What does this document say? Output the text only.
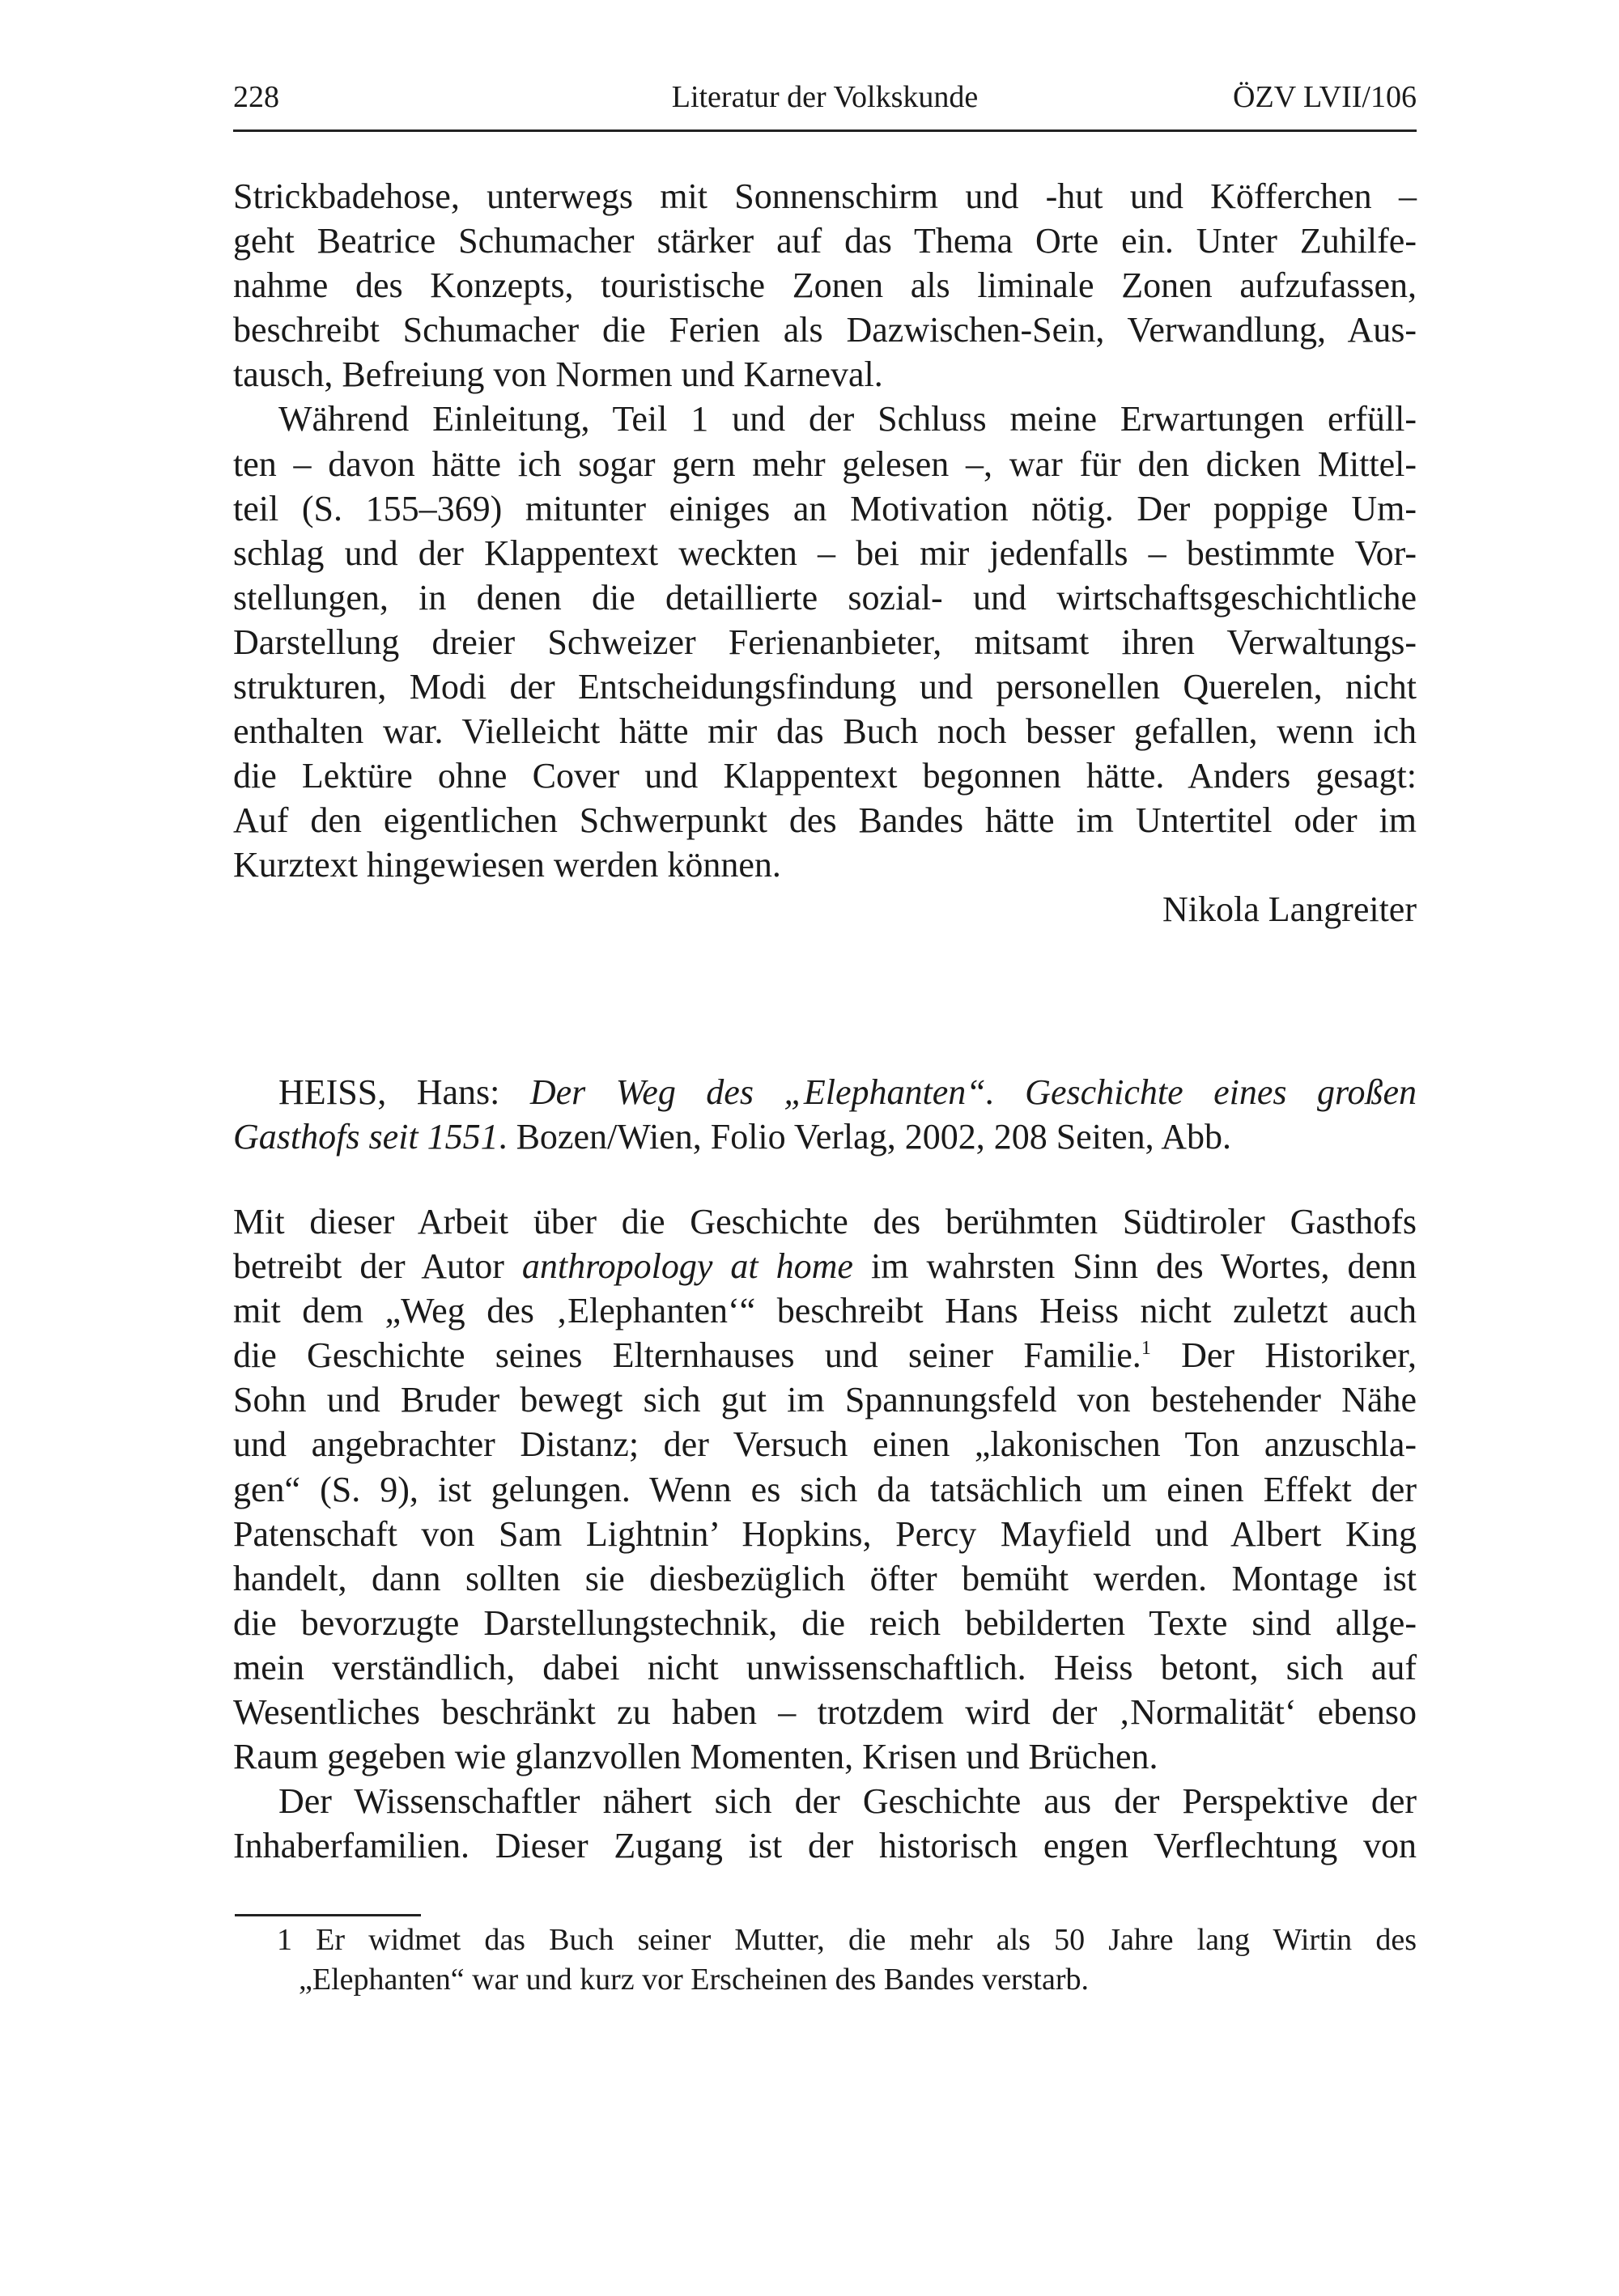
228	Literatur der Volkskunde	ÖZV LVII/106
Strickbadehose, unterwegs mit Sonnenschirm und -hut und Köfferchen –
geht Beatrice Schumacher stärker auf das Thema Orte ein. Unter Zuhilfe-
nahme des Konzepts, touristische Zonen als liminale Zonen aufzufassen,
beschreibt Schumacher die Ferien als Dazwischen-Sein, Verwandlung, Aus-
tausch, Befreiung von Normen und Karneval.
Während Einleitung, Teil 1 und der Schluss meine Erwartungen erfüll-
ten – davon hätte ich sogar gern mehr gelesen –, war für den dicken Mittel-
teil (S. 155–369) mitunter einiges an Motivation nötig. Der poppige Um-
schlag und der Klappentext weckten – bei mir jedenfalls – bestimmte Vor-
stellungen, in denen die detaillierte sozial- und wirtschaftsgeschichtliche
Darstellung dreier Schweizer Ferienanbieter, mitsamt ihren Verwaltungs-
strukturen, Modi der Entscheidungsfindung und personellen Querelen, nicht
enthalten war. Vielleicht hätte mir das Buch noch besser gefallen, wenn ich
die Lektüre ohne Cover und Klappentext begonnen hätte. Anders gesagt:
Auf den eigentlichen Schwerpunkt des Bandes hätte im Untertitel oder im
Kurztext hingewiesen werden können.
Nikola Langreiter
HEISS, Hans: Der Weg des „Elephanten“. Geschichte eines großen
Gasthofs seit 1551. Bozen/Wien, Folio Verlag, 2002, 208 Seiten, Abb.
Mit dieser Arbeit über die Geschichte des berühmten Südtiroler Gasthofs
betreibt der Autor anthropology at home im wahrsten Sinn des Wortes, denn
mit dem „Weg des ‚Elephanten‘“ beschreibt Hans Heiss nicht zuletzt auch
die Geschichte seines Elternhauses und seiner Familie.$^1$ Der Historiker,
Sohn und Bruder bewegt sich gut im Spannungsfeld von bestehender Nähe
und angebrachter Distanz; der Versuch einen „lakonischen Ton anzuschla-
gen“ (S. 9), ist gelungen. Wenn es sich da tatsächlich um einen Effekt der
Patenschaft von Sam Lightnin’ Hopkins, Percy Mayfield und Albert King
handelt, dann sollten sie diesbezüglich öfter bemüht werden. Montage ist
die bevorzugte Darstellungstechnik, die reich bebilderten Texte sind allge-
mein verständlich, dabei nicht unwissenschaftlich. Heiss betont, sich auf
Wesentliches beschränkt zu haben – trotzdem wird der ‚Normalität‘ ebenso
Raum gegeben wie glanzvollen Momenten, Krisen und Brüchen.
Der Wissenschaftler nähert sich der Geschichte aus der Perspektive der
Inhaberfamilien. Dieser Zugang ist der historisch engen Verflechtung von
1 Er widmet das Buch seiner Mutter, die mehr als 50 Jahre lang Wirtin des
„Elephanten“ war und kurz vor Erscheinen des Bandes verstarb.
